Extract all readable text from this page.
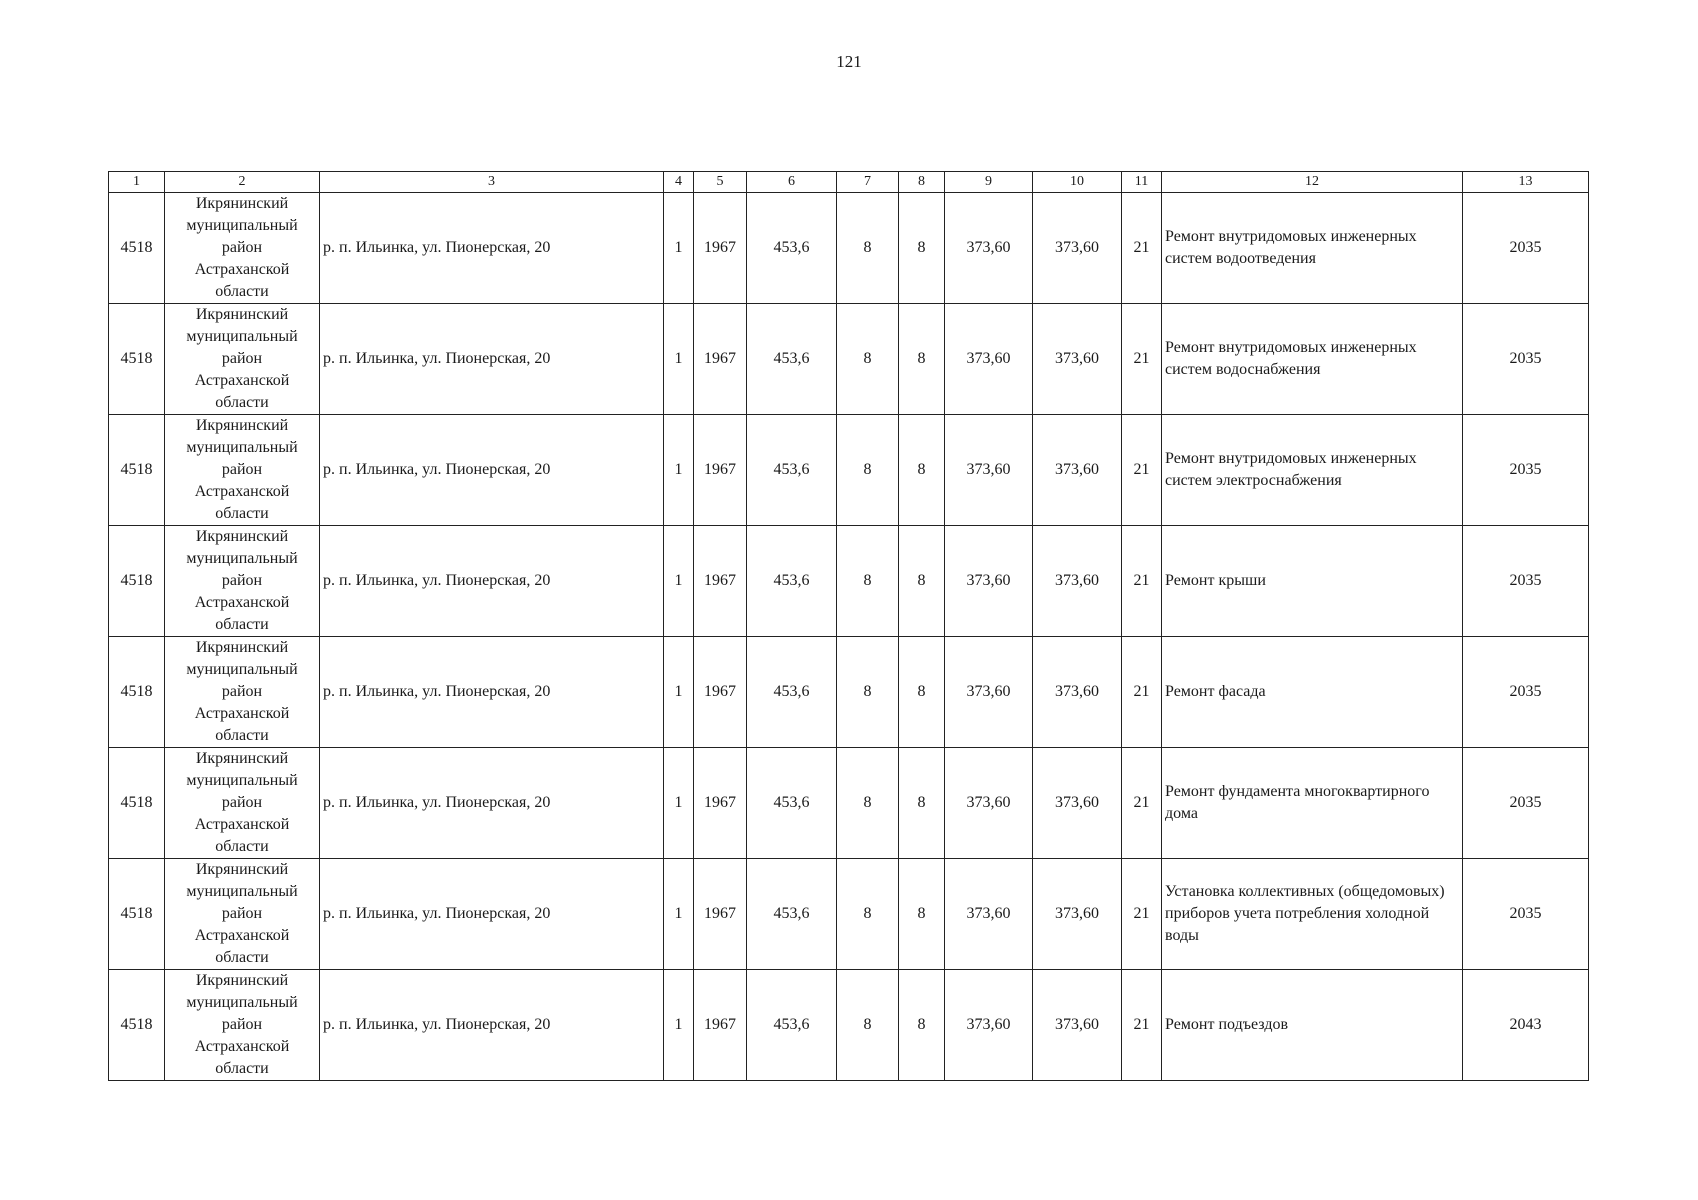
121
1	2	3	4	5	6	7	8	9	10	11	12	13
4518	Икрянинский
муниципальный
район
Астраханской
области	р. п. Ильинка, ул. Пионерская, 20	1	1967	453,6	8	8	373,60	373,60	21	Ремонт внутридомовых инженерных систем водоотведения	2035
4518	Икрянинский
муниципальный
район
Астраханской
области	р. п. Ильинка, ул. Пионерская, 20	1	1967	453,6	8	8	373,60	373,60	21	Ремонт внутридомовых инженерных систем водоснабжения	2035
4518	Икрянинский
муниципальный
район
Астраханской
области	р. п. Ильинка, ул. Пионерская, 20	1	1967	453,6	8	8	373,60	373,60	21	Ремонт внутридомовых инженерных систем электроснабжения	2035
4518	Икрянинский
муниципальный
район
Астраханской
области	р. п. Ильинка, ул. Пионерская, 20	1	1967	453,6	8	8	373,60	373,60	21	Ремонт крыши	2035
4518	Икрянинский
муниципальный
район
Астраханской
области	р. п. Ильинка, ул. Пионерская, 20	1	1967	453,6	8	8	373,60	373,60	21	Ремонт фасада	2035
4518	Икрянинский
муниципальный
район
Астраханской
области	р. п. Ильинка, ул. Пионерская, 20	1	1967	453,6	8	8	373,60	373,60	21	Ремонт фундамента многоквартирного дома	2035
4518	Икрянинский
муниципальный
район
Астраханской
области	р. п. Ильинка, ул. Пионерская, 20	1	1967	453,6	8	8	373,60	373,60	21	Установка коллективных (общедомовых) приборов учета потребления холодной воды	2035
4518	Икрянинский
муниципальный
район
Астраханской
области	р. п. Ильинка, ул. Пионерская, 20	1	1967	453,6	8	8	373,60	373,60	21	Ремонт подъездов	2043
